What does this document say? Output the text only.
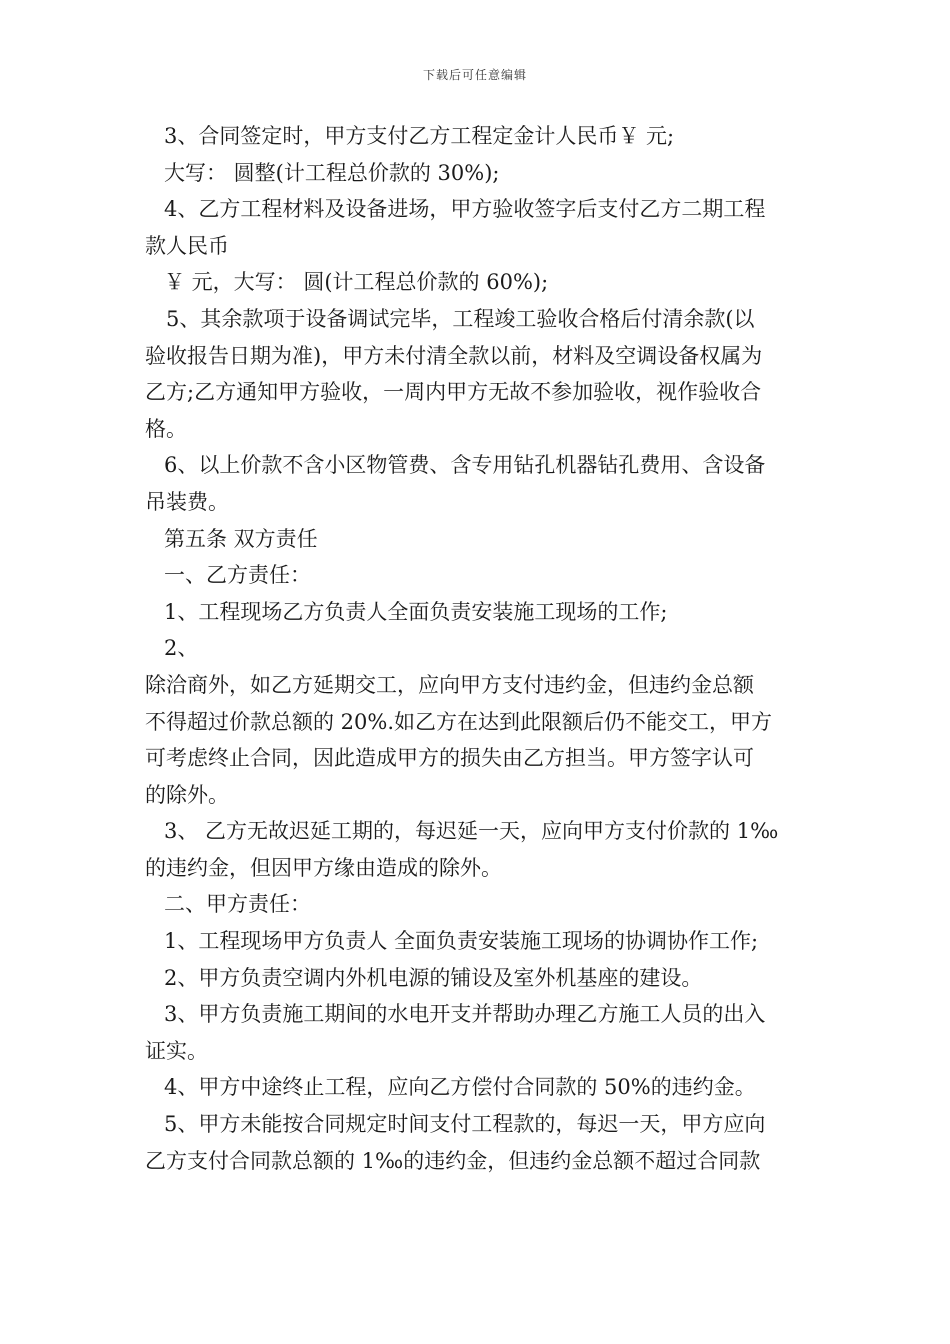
下载后可任意编辑
3、合同签定时，甲方支付乙方工程定金计人民币￥ 元;
大写： 圆整(计工程总价款的 30%);
4、乙方工程材料及设备进场，甲方验收签字后支付乙方二期工程
款人民币
￥ 元，大写： 圆(计工程总价款的 60%);
5、其余款项于设备调试完毕，工程竣工验收合格后付清余款(以
验收报告日期为准)，甲方未付清全款以前，材料及空调设备权属为
乙方;乙方通知甲方验收，一周内甲方无故不参加验收，视作验收合
格。
6、以上价款不含小区物管费、含专用钻孔机器钻孔费用、含设备
吊装费。
第五条 双方责任
一、乙方责任：
1、工程现场乙方负责人全面负责安装施工现场的工作;
2、
除洽商外，如乙方延期交工，应向甲方支付违约金，但违约金总额
不得超过价款总额的 20%.如乙方在达到此限额后仍不能交工，甲方
可考虑终止合同，因此造成甲方的损失由乙方担当。甲方签字认可
的除外。
3、 乙方无故迟延工期的，每迟延一天，应向甲方支付价款的 1‰
的违约金，但因甲方缘由造成的除外。
二、甲方责任：
1、工程现场甲方负责人 全面负责安装施工现场的协调协作工作;
2、甲方负责空调内外机电源的铺设及室外机基座的建设。
3、甲方负责施工期间的水电开支并帮助办理乙方施工人员的出入
证实。
4、甲方中途终止工程，应向乙方偿付合同款的 50%的违约金。
5、甲方未能按合同规定时间支付工程款的，每迟一天，甲方应向
乙方支付合同款总额的 1‰的违约金，但违约金总额不超过合同款
